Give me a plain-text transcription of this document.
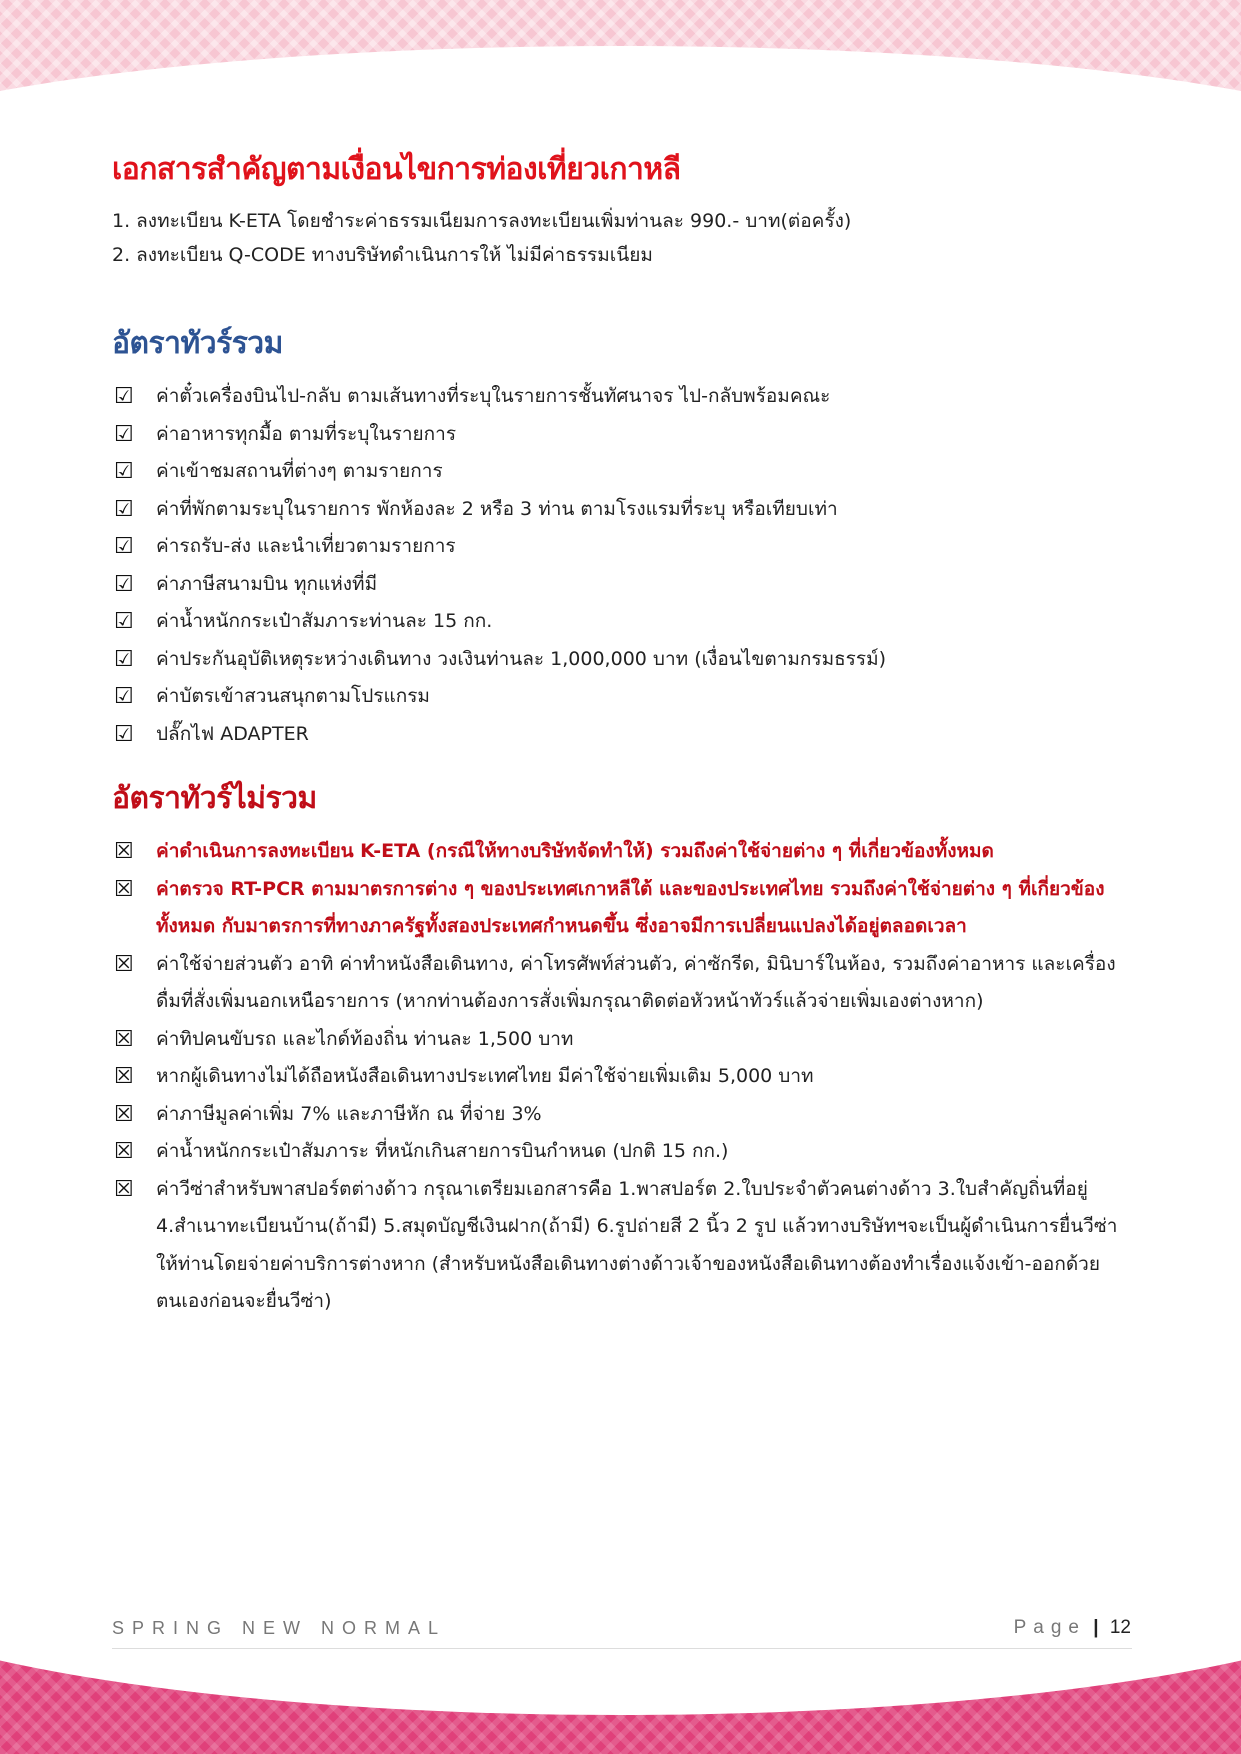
เอกสารสำคัญตามเงื่อนไขการท่องเที่ยวเกาหลี
1. ลงทะเบียน K-ETA โดยชำระค่าธรรมเนียมการลงทะเบียนเพิ่มท่านละ 990.- บาท(ต่อครั้ง)
2. ลงทะเบียน Q-CODE ทางบริษัทดำเนินการให้ ไม่มีค่าธรรมเนียม
อัตราทัวร์รวม
☑ ค่าตั๋วเครื่องบินไป-กลับ ตามเส้นทางที่ระบุในรายการชั้นทัศนาจร ไป-กลับพร้อมคณะ
☑ ค่าอาหารทุกมื้อ ตามที่ระบุในรายการ
☑ ค่าเข้าชมสถานที่ต่างๆ ตามรายการ
☑ ค่าที่พักตามระบุในรายการ พักห้องละ 2 หรือ 3 ท่าน ตามโรงแรมที่ระบุ หรือเทียบเท่า
☑ ค่ารถรับ-ส่ง และนำเที่ยวตามรายการ
☑ ค่าภาษีสนามบิน ทุกแห่งที่มี
☑ ค่าน้ำหนักกระเป๋าสัมภาระท่านละ 15 กก.
☑ ค่าประกันอุบัติเหตุระหว่างเดินทาง วงเงินท่านละ 1,000,000 บาท (เงื่อนไขตามกรมธรรม์)
☑ ค่าบัตรเข้าสวนสนุกตามโปรแกรม
☑ ปลั๊กไฟ ADAPTER
อัตราทัวร์ไม่รวม
☒ ค่าดำเนินการลงทะเบียน K-ETA (กรณีให้ทางบริษัทจัดทำให้) รวมถึงค่าใช้จ่ายต่าง ๆ ที่เกี่ยวข้องทั้งหมด
☒ ค่าตรวจ RT-PCR ตามมาตรการต่าง ๆ ของประเทศเกาหลีใต้ และของประเทศไทย รวมถึงค่าใช้จ่ายต่าง ๆ ที่เกี่ยวข้องทั้งหมด กับมาตรการที่ทางภาครัฐทั้งสองประเทศกำหนดขึ้น ซึ่งอาจมีการเปลี่ยนแปลงได้อยู่ตลอดเวลา
☒ ค่าใช้จ่ายส่วนตัว อาทิ ค่าทำหนังสือเดินทาง, ค่าโทรศัพท์ส่วนตัว, ค่าซักรีด, มินิบาร์ในห้อง, รวมถึงค่าอาหาร และเครื่องดื่มที่สั่งเพิ่มนอกเหนือรายการ (หากท่านต้องการสั่งเพิ่มกรุณาติดต่อหัวหน้าทัวร์แล้วจ่ายเพิ่มเองต่างหาก)
☒ ค่าทิปคนขับรถ และไกด์ท้องถิ่น ท่านละ 1,500 บาท
☒ หากผู้เดินทางไม่ได้ถือหนังสือเดินทางประเทศไทย มีค่าใช้จ่ายเพิ่มเติม 5,000 บาท
☒ ค่าภาษีมูลค่าเพิ่ม 7% และภาษีหัก ณ ที่จ่าย 3%
☒ ค่าน้ำหนักกระเป๋าสัมภาระ ที่หนักเกินสายการบินกำหนด (ปกติ 15 กก.)
☒ ค่าวีซ่าสำหรับพาสปอร์ตต่างด้าว กรุณาเตรียมเอกสารคือ 1.พาสปอร์ต 2.ใบประจำตัวคนต่างด้าว 3.ใบสำคัญถิ่นที่อยู่ 4.สำเนาทะเบียนบ้าน(ถ้ามี) 5.สมุดบัญชีเงินฝาก(ถ้ามี) 6.รูปถ่ายสี 2 นิ้ว 2 รูป แล้วทางบริษัทฯจะเป็นผู้ดำเนินการยื่นวีซ่าให้ท่านโดยจ่ายค่าบริการต่างหาก (สำหรับหนังสือเดินทางต่างด้าวเจ้าของหนังสือเดินทางต้องทำเรื่องแจ้งเข้า-ออกด้วยตนเองก่อนจะยื่นวีซ่า)
SPRING NEW NORMAL	Page | 12
